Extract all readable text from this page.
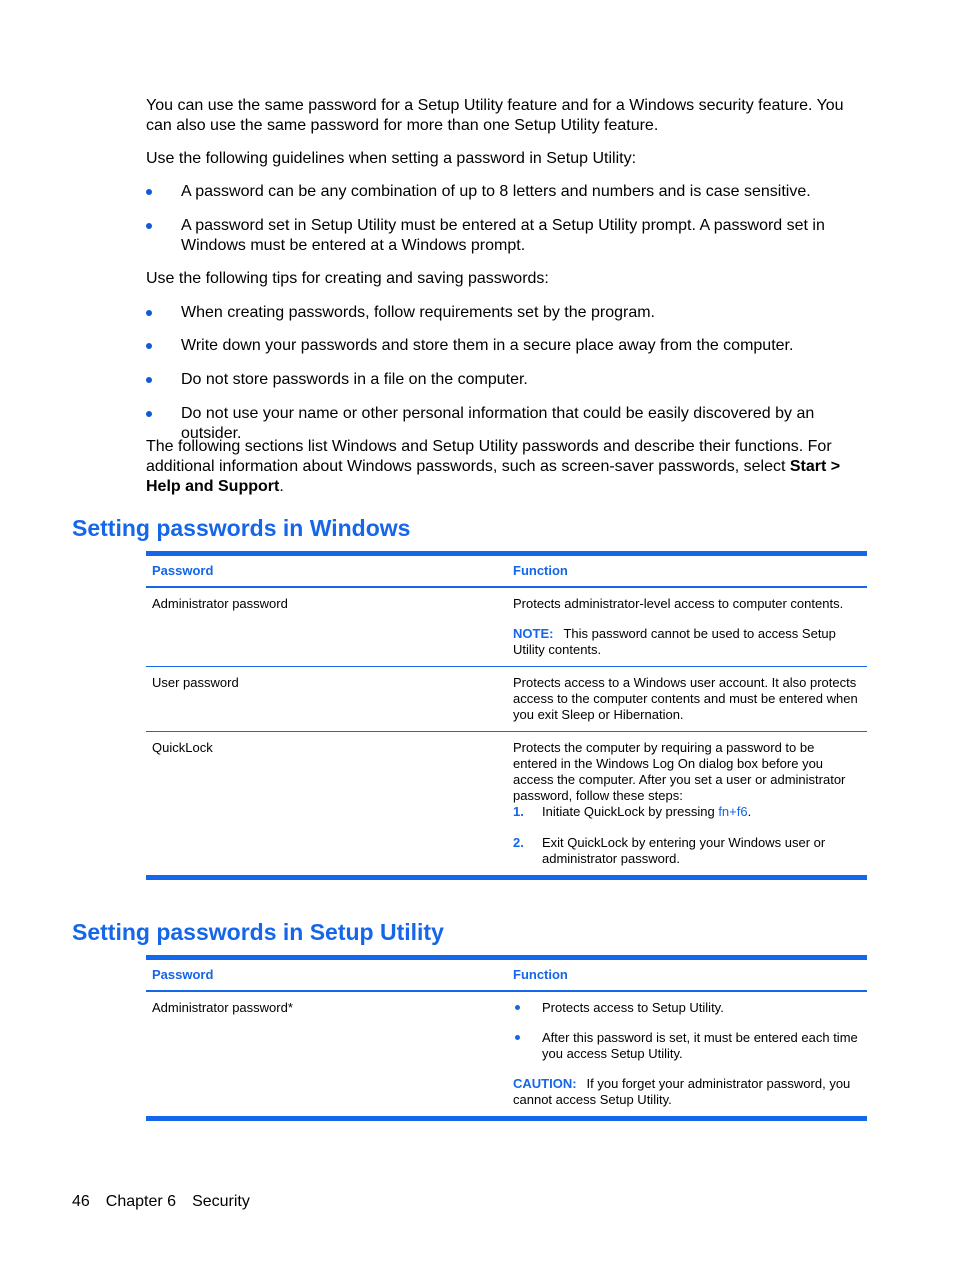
You can use the same password for a Setup Utility feature and for a Windows security feature. You can also use the same password for more than one Setup Utility feature.

Use the following guidelines when setting a password in Setup Utility:

A password can be any combination of up to 8 letters and numbers and is case sensitive.
A password set in Setup Utility must be entered at a Setup Utility prompt. A password set in Windows must be entered at a Windows prompt.

Use the following tips for creating and saving passwords:

When creating passwords, follow requirements set by the program.
Write down your passwords and store them in a secure place away from the computer.
Do not store passwords in a file on the computer.
Do not use your name or other personal information that could be easily discovered by an outsider.

The following sections list Windows and Setup Utility passwords and describe their functions. For additional information about Windows passwords, such as screen-saver passwords, select Start > Help and Support.

Setting passwords in Windows
Password	Function
Administrator password	Protects administrator-level access to computer contents.
NOTE: This password cannot be used to access Setup Utility contents.
User password	Protects access to a Windows user account. It also protects access to the computer contents and must be entered when you exit Sleep or Hibernation.
QuickLock	Protects the computer by requiring a password to be entered in the Windows Log On dialog box before you access the computer. After you set a user or administrator password, follow these steps:
1. Initiate QuickLock by pressing fn+f6.
2. Exit QuickLock by entering your Windows user or administrator password.
Setting passwords in Setup Utility
Password	Function
Administrator password*	Protects access to Setup Utility.
After this password is set, it must be entered each time you access Setup Utility.
CAUTION: If you forget your administrator password, you cannot access Setup Utility.
46 Chapter 6 Security
